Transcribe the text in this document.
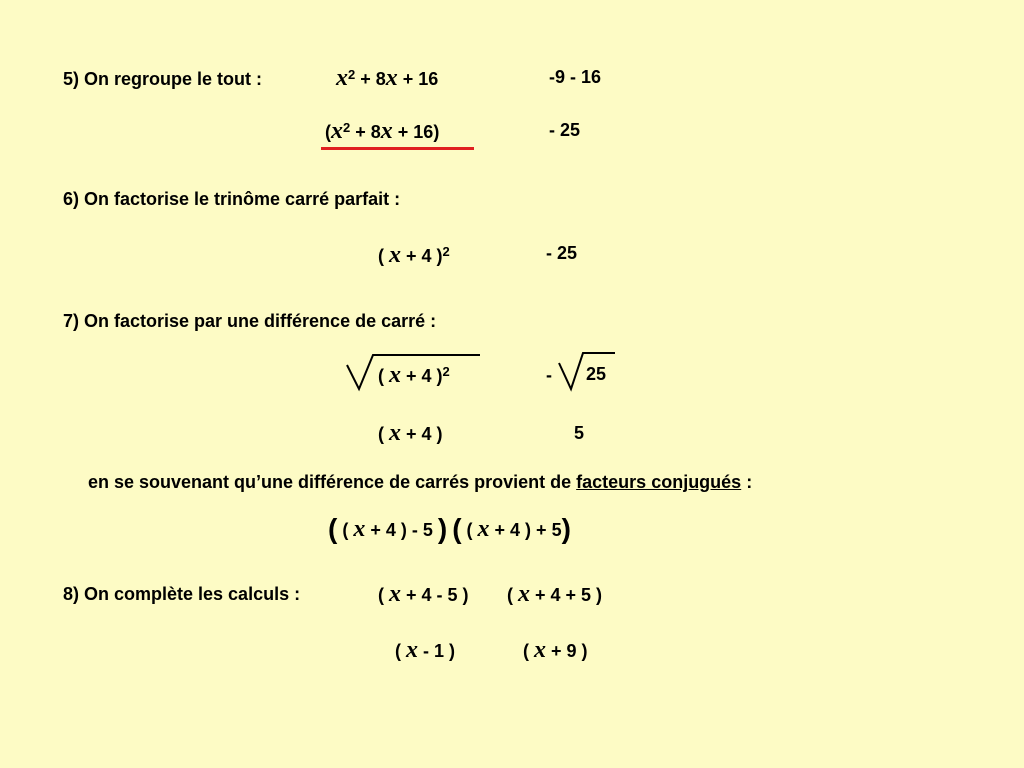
5) On regroupe le tout :	$x^2 + 8x + 16$	-9 - 16
$(x^2 + 8x + 16)$	- 25
6) On factorise le trinôme carré parfait :
( x + 4 )$^2$	- 25
7) On factorise par une différence de carré :
( x + 4 )$^2$	- 25
( x + 4 )	5
en se souvenant qu’une différence de carrés provient de facteurs conjugués :
( ( x + 4 ) - 5 ) ( ( x + 4 ) + 5)
8) On complète les calculs :	( x + 4 - 5 ) ( x + 4 + 5 )
( x - 1 )	( x + 9 )
